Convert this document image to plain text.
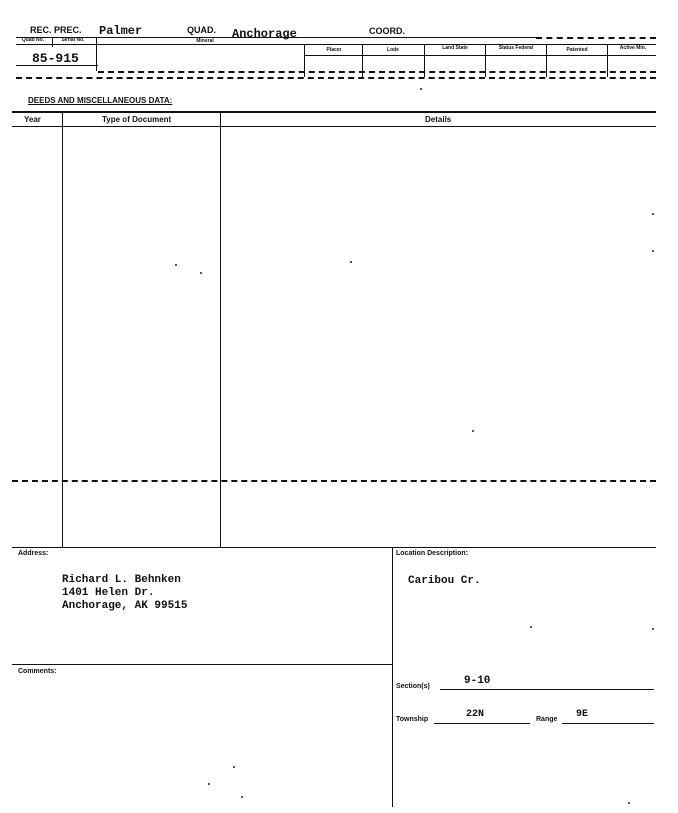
REC. PREC. Palmer	QUAD. Anchorage	COORD.
Quad No.	Serial No.	Mineral
Placer	Lode	Land State	Status Federal	Patented	Active Min.
85-915
DEEDS AND MISCELLANEOUS DATA:
Year	Type of Document	Details
Address:
Richard L. Behnken
1401 Helen Dr.
Anchorage, AK 99515
Location Description:
Caribou Cr.
Comments:
Section(s)	9-10
Township	22N	Range 9E
